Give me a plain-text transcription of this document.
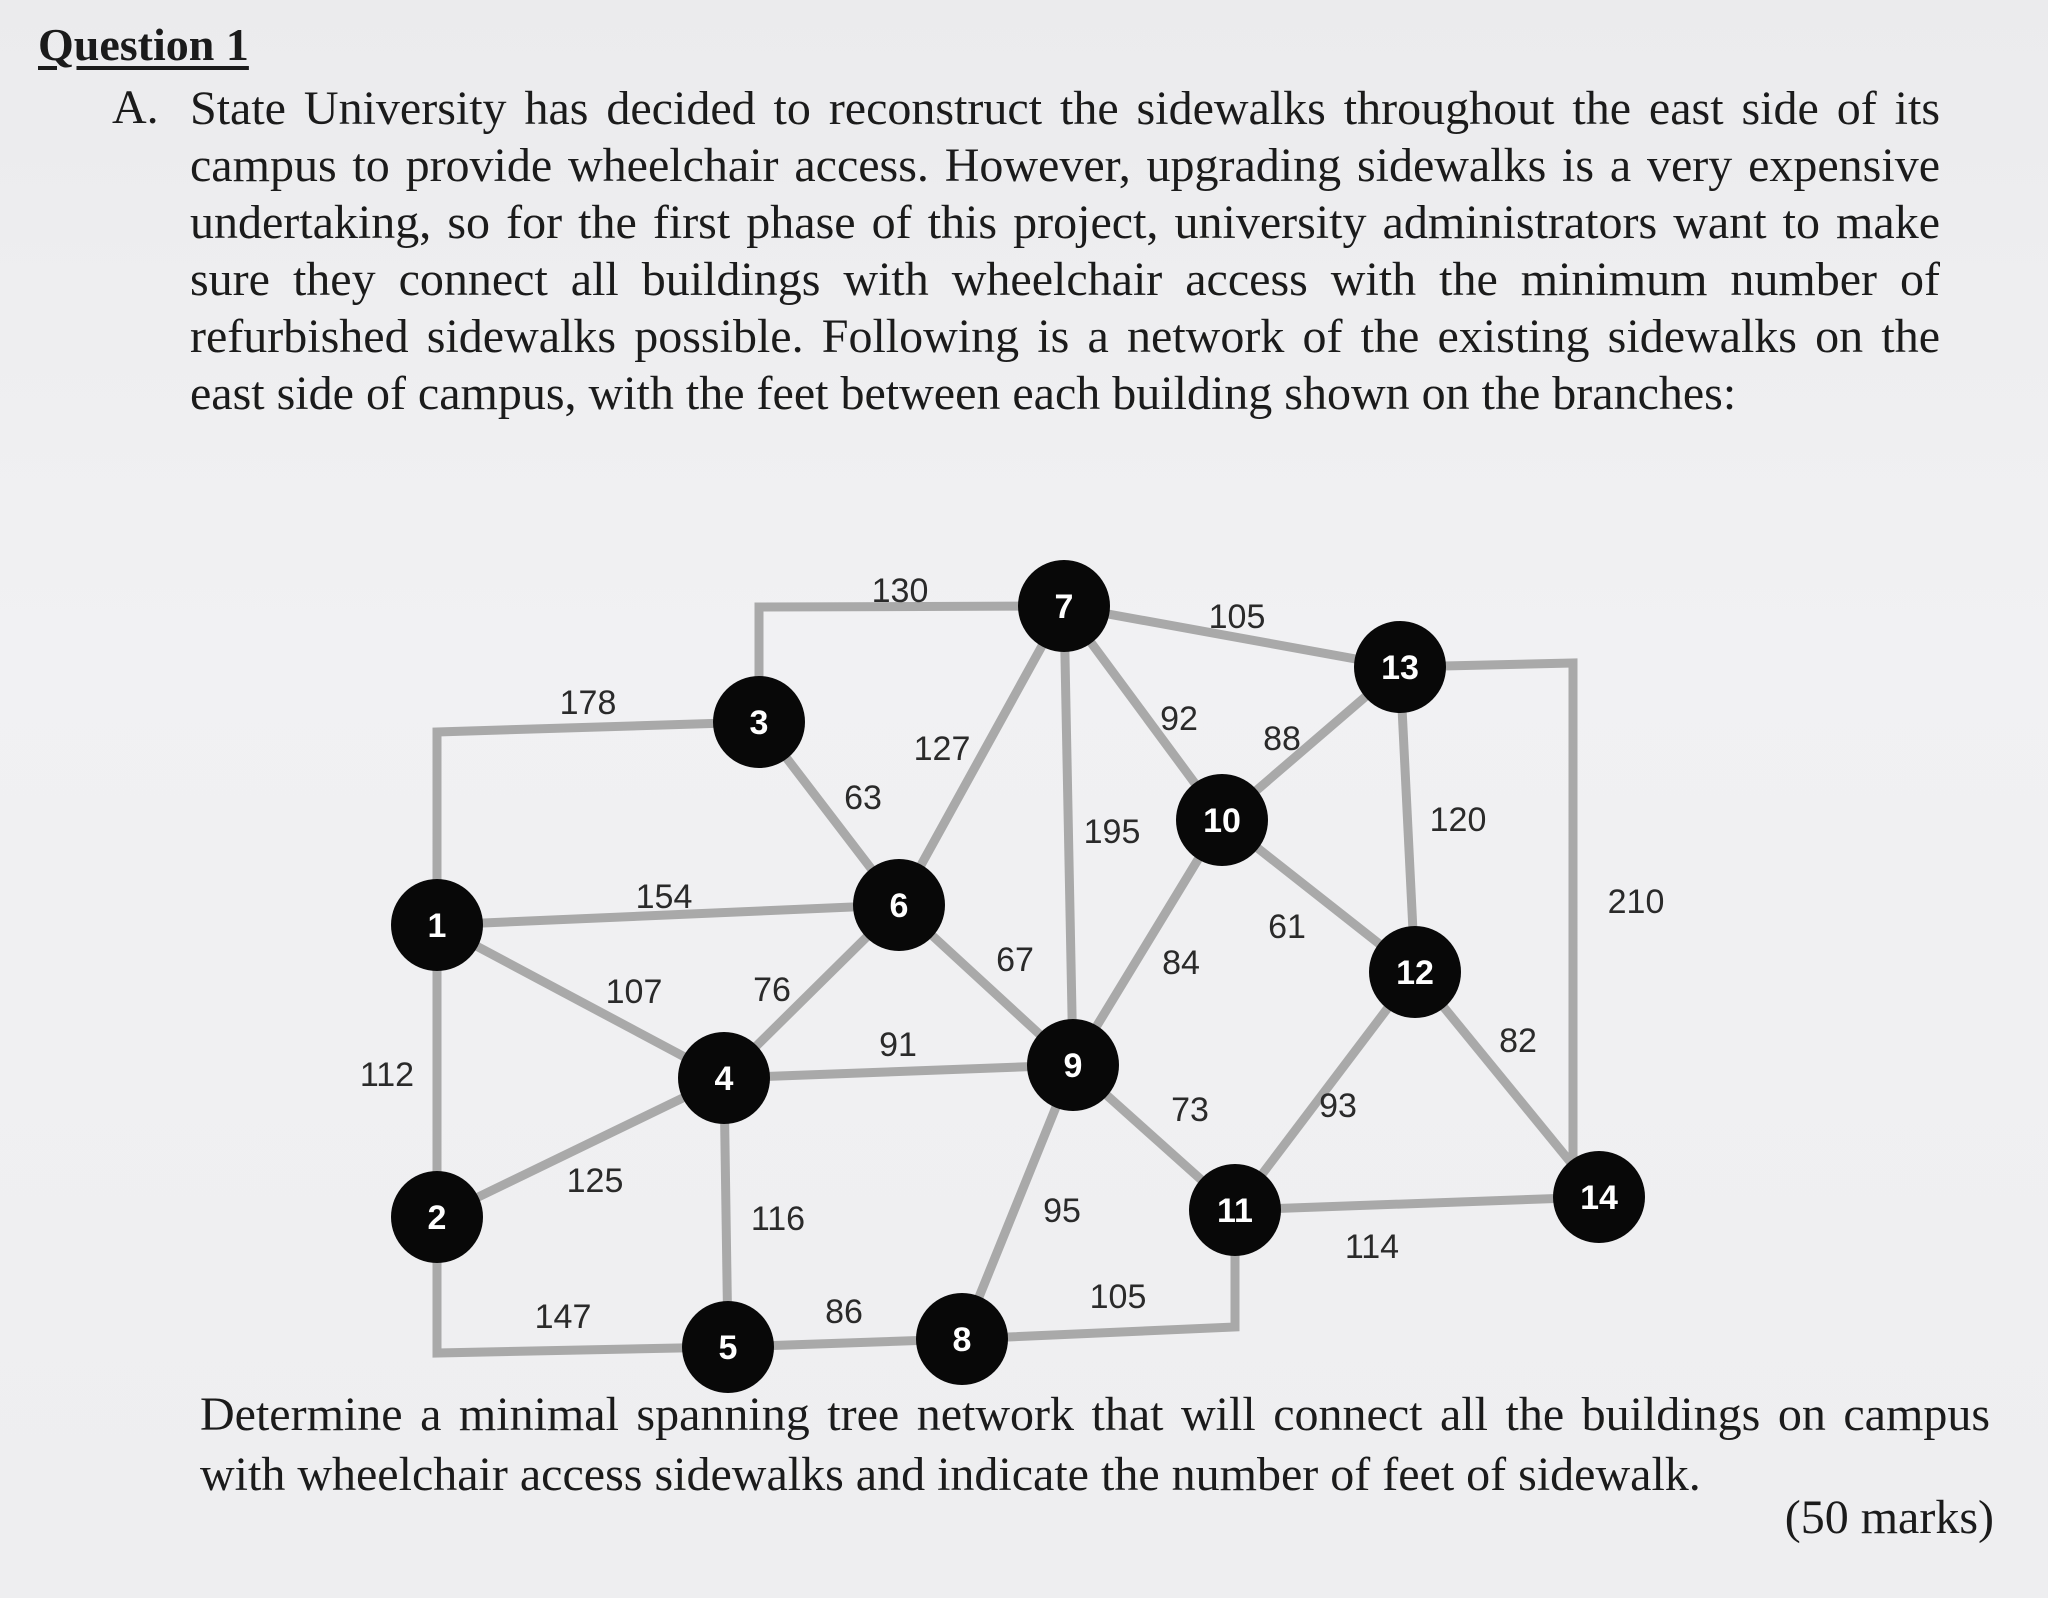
Question 1
A. State University has decided to reconstruct the sidewalks throughout the east side of its campus to provide wheelchair access. However, upgrading sidewalks is a very expensive undertaking, so for the first phase of this project, university administrators want to make sure they connect all buildings with wheelchair access with the minimum number of refurbished sidewalks possible. Following is a network of the existing sidewalks on the east side of campus, with the feet between each building shown on the branches:
112
178
107
154
125
147
63
130
116
76
91
86
127
67
195
92
105
95
105
84
73
61
88
93
114
120
82
210
1
2
3
4
5
6
7
8
9
10
11
12
13
14
Determine a minimal spanning tree network that will connect all the buildings on campus with wheelchair access sidewalks and indicate the number of feet of sidewalk.
(50 marks)
